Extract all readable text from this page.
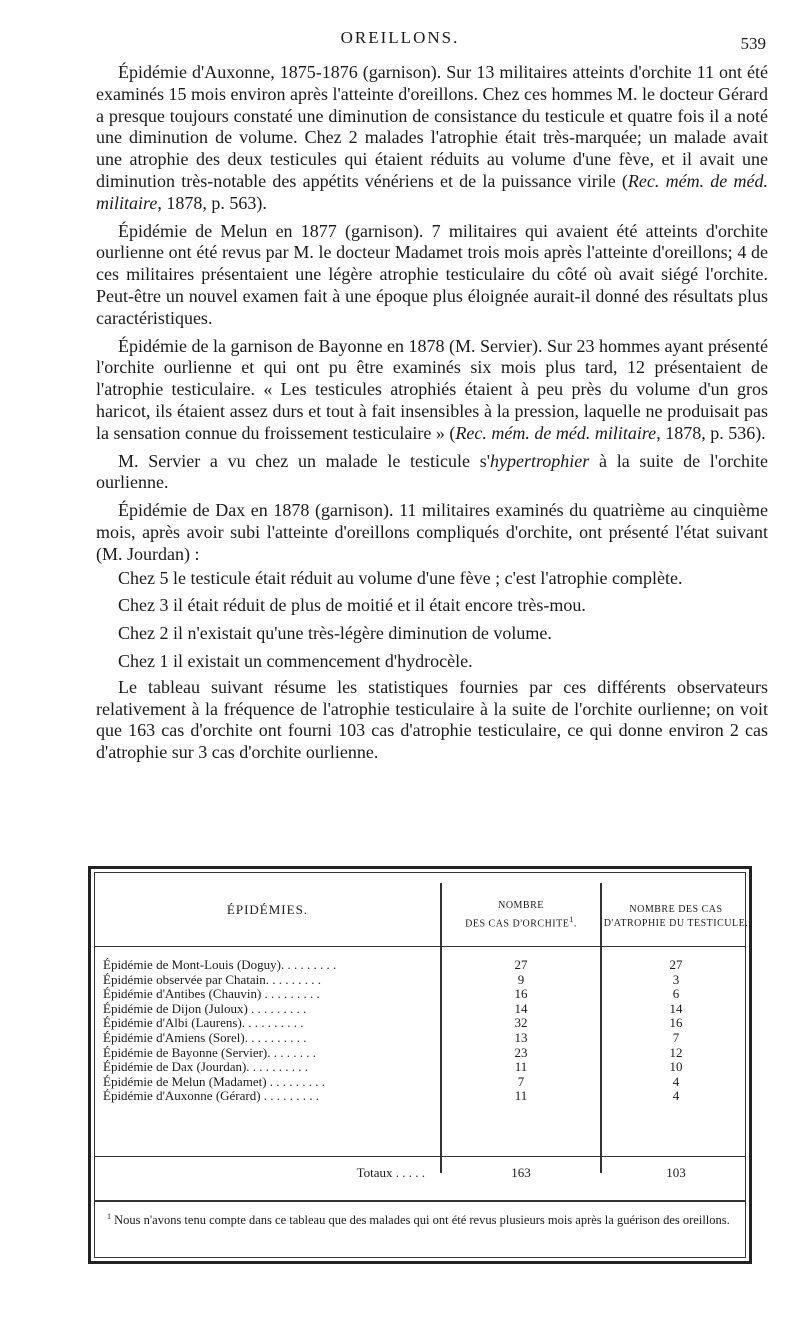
OREILLONS.	539

Épidémie d'Auxonne, 1875-1876 (garnison). Sur 13 militaires atteints d'orchite 11 ont été examinés 15 mois environ après l'atteinte d'oreillons. Chez ces hommes M. le docteur Gérard a presque toujours constaté une diminution de consistance du testicule et quatre fois il a noté une diminution de volume. Chez 2 malades l'atrophie était très-marquée; un malade avait une atrophie des deux testicules qui étaient réduits au volume d'une fève, et il avait une diminution très-notable des appétits vénériens et de la puissance virile (Rec. mém. de méd. militaire, 1878, p. 563).

Épidémie de Melun en 1877 (garnison). 7 militaires qui avaient été atteints d'orchite ourlienne ont été revus par M. le docteur Madamet trois mois après l'atteinte d'oreillons; 4 de ces militaires présentaient une légère atrophie testiculaire du côté où avait siégé l'orchite. Peut-être un nouvel examen fait à une époque plus éloignée aurait-il donné des résultats plus caractéristiques.

Épidémie de la garnison de Bayonne en 1878 (M. Servier). Sur 23 hommes ayant présenté l'orchite ourlienne et qui ont pu être examinés six mois plus tard, 12 présentaient de l'atrophie testiculaire. « Les testicules atrophiés étaient à peu près du volume d'un gros haricot, ils étaient assez durs et tout à fait insensibles à la pression, laquelle ne produisait pas la sensation connue du froissement testiculaire » (Rec. mém. de méd. militaire, 1878, p. 536).

M. Servier a vu chez un malade le testicule s'hypertrophier à la suite de l'orchite ourlienne.

Épidémie de Dax en 1878 (garnison). 11 militaires examinés du quatrième au cinquième mois, après avoir subi l'atteinte d'oreillons compliqués d'orchite, ont présenté l'état suivant (M. Jourdan) :

Chez 5 le testicule était réduit au volume d'une fève ; c'est l'atrophie complète.

Chez 3 il était réduit de plus de moitié et il était encore très-mou.

Chez 2 il n'existait qu'une très-légère diminution de volume.

Chez 1 il existait un commencement d'hydrocèle.

Le tableau suivant résume les statistiques fournies par ces différents observateurs relativement à la fréquence de l'atrophie testiculaire à la suite de l'orchite ourlienne; on voit que 163 cas d'orchite ont fourni 103 cas d'atrophie testiculaire, ce qui donne environ 2 cas d'atrophie sur 3 cas d'orchite ourlienne.

ÉPIDÉMIES.	NOMBRE
DES CAS D'ORCHITE$^1$.
NOMBRE DES CAS
D'ATROPHIE DU TESTICULE.
Épidémie de Mont-Louis (Doguy). . . . . . . . .	27	27
Épidémie observée par Chatain. . . . . . . . .	9	3
Épidémie d'Antibes (Chauvin) . . . . . . . . .	16	6
Épidémie de Dijon (Juloux) . . . . . . . . .	14	14
Épidémie d'Albi (Laurens). . . . . . . . . .	32	16
Épidémie d'Amiens (Sorel). . . . . . . . . .	13	7
Épidémie de Bayonne (Servier). . . . . . . .	23	12
Épidémie de Dax (Jourdan). . . . . . . . . .	11	10
Épidémie de Melun (Madamet) . . . . . . . . .	7	4
Épidémie d'Auxonne (Gérard) . . . . . . . . .	11	4
Totaux . . . . .	163	103
$^1$ Nous n'avons tenu compte dans ce tableau que des malades qui ont été revus plusieurs mois après la guérison des oreillons.
